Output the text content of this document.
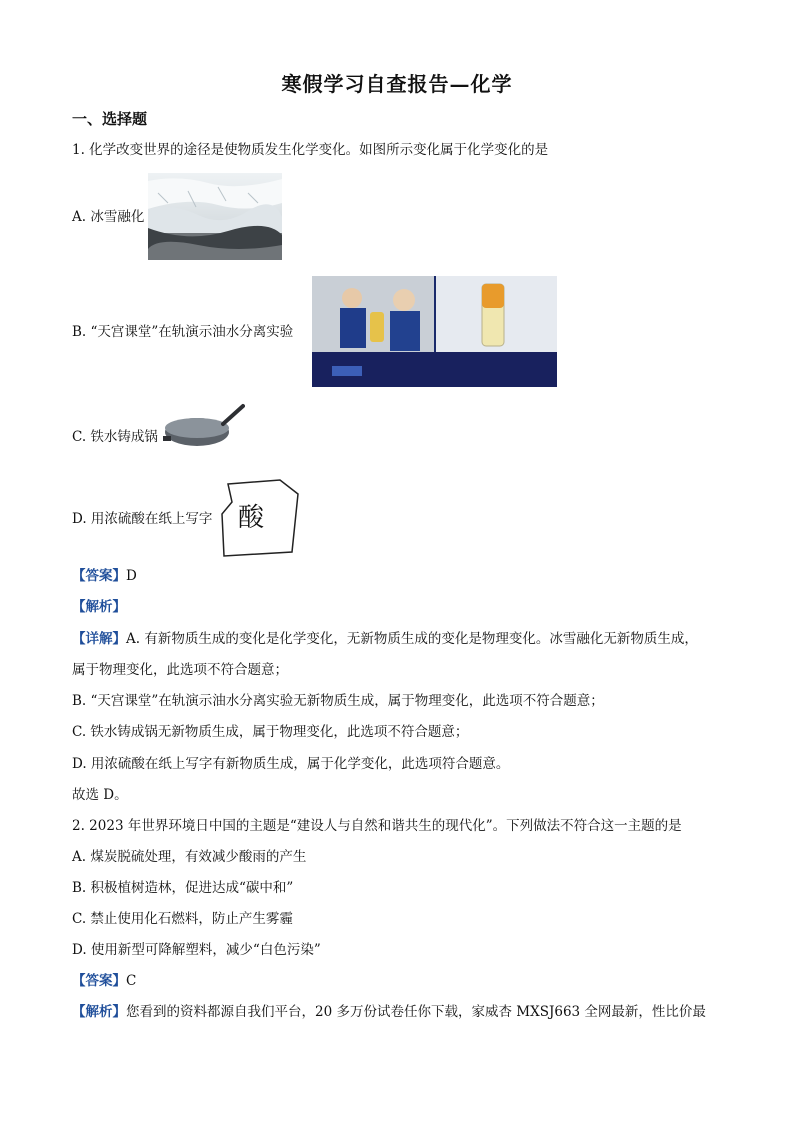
寒假学习自查报告—化学
一、选择题
1. 化学改变世界的途径是使物质发生化学变化。如图所示变化属于化学变化的是
A. 冰雪融化
B. “天宫课堂”在轨演示油水分离实验
C. 铁水铸成锅
D. 用浓硫酸在纸上写字 酸
【答案】D
【解析】
【详解】A. 有新物质生成的变化是化学变化，无新物质生成的变化是物理变化。冰雪融化无新物质生成，
属于物理变化，此选项不符合题意；
B. “天宫课堂”在轨演示油水分离实验无新物质生成，属于物理变化，此选项不符合题意；
C. 铁水铸成锅无新物质生成，属于物理变化，此选项不符合题意；
D. 用浓硫酸在纸上写字有新物质生成，属于化学变化，此选项符合题意。
故选 D。
2. 2023 年世界环境日中国的主题是“建设人与自然和谐共生的现代化”。下列做法不符合这一主题的是
A. 煤炭脱硫处理，有效减少酸雨的产生
B. 积极植树造林，促进达成“碳中和”
C. 禁止使用化石燃料，防止产生雾霾
D. 使用新型可降解塑料，减少“白色污染”
【答案】C
【解析】您看到的资料都源自我们平台，20 多万份试卷任你下载，家威杏 MXSJ663 全网最新，性比价最
